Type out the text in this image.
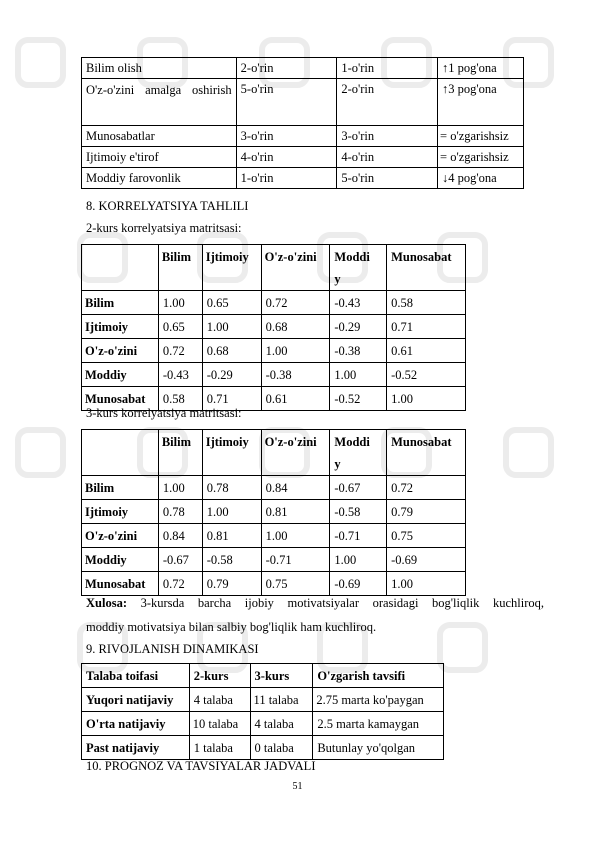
Bilim olish	2-o'rin	1-o'rin	↑1 pog'ona

O'z-o'zini amalga oshirish	5-o'rin	2-o'rin	↑3 pog'ona
Munosabatlar	3-o'rin	3-o'rin	= o'zgarishsiz
Ijtimoiy e'tirof	4-o'rin	4-o'rin	= o'zgarishsiz
Moddiy farovonlik	1-o'rin	5-o'rin	↓4 pog'ona
8. KORRELYATSIYA TAHLILI
2-kurs korrelyatsiya matritsasi:
	Bilim	Ijtimoiy	O'z-o'zini	Moddiy	Munosabat
Bilim	1.00	0.65	0.72	-0.43	0.58
Ijtimoiy	0.65	1.00	0.68	-0.29	0.71
O'z-o'zini	0.72	0.68	1.00	-0.38	0.61
Moddiy	-0.43	-0.29	-0.38	1.00	-0.52
Munosabat	0.58	0.71	0.61	-0.52	1.00
3-kurs korrelyatsiya matritsasi:
	Bilim	Ijtimoiy	O'z-o'zini	Moddiy	Munosabat
Bilim	1.00	0.78	0.84	-0.67	0.72
Ijtimoiy	0.78	1.00	0.81	-0.58	0.79
O'z-o'zini	0.84	0.81	1.00	-0.71	0.75
Moddiy	-0.67	-0.58	-0.71	1.00	-0.69
Munosabat	0.72	0.79	0.75	-0.69	1.00
Xulosa: 3-kursda barcha ijobiy motivatsiyalar orasidagi bog'liqlik kuchliroq,
moddiy motivatsiya bilan salbiy bog'liqlik ham kuchliroq.
9. RIVOJLANISH DINAMIKASI
Talaba toifasi	2-kurs	3-kurs	O'zgarish tavsifi
Yuqori natijaviy	4 talaba	11 talaba	2.75 marta ko'paygan
O'rta natijaviy	10 talaba	4 talaba	2.5 marta kamaygan
Past natijaviy	1 talaba	0 talaba	Butunlay yo'qolgan
10. PROGNOZ VA TAVSIYALAR JADVALI
51
